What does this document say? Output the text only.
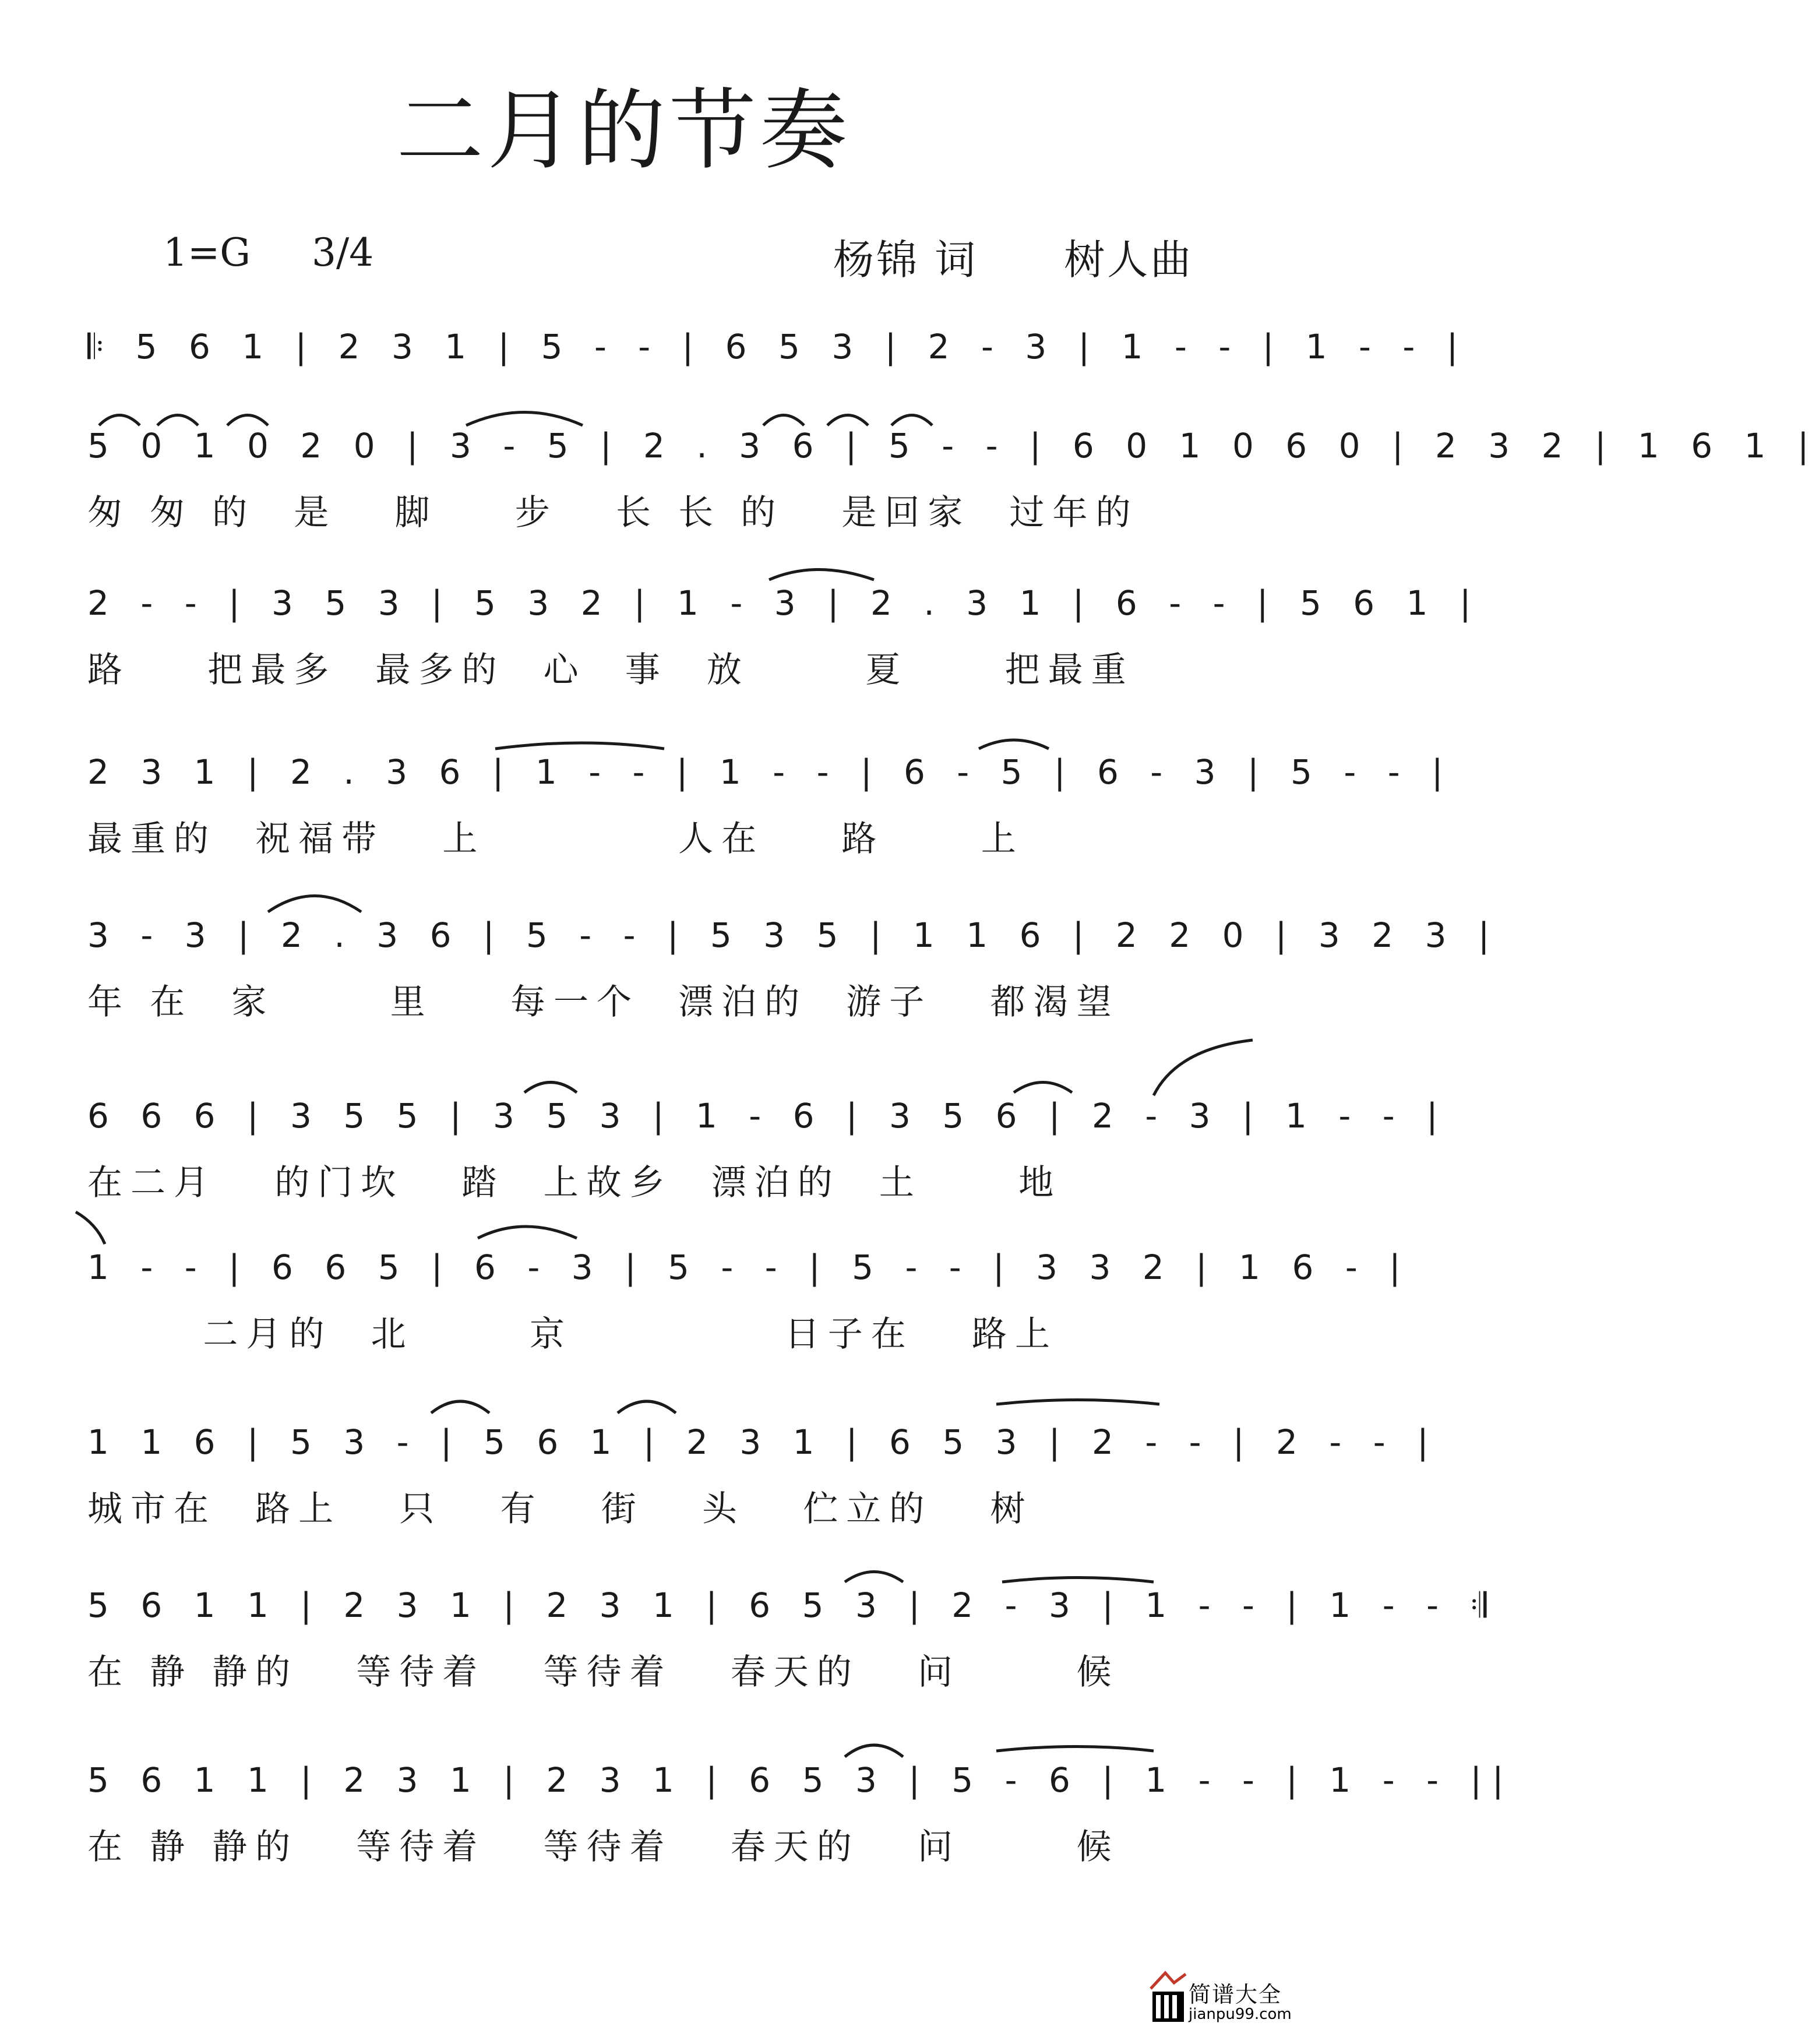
二月的节奏
1=G 3/4	杨锦 词　　树人曲
𝄆 5 6 1 | 2 3 1 | 5 - - | 6 5 3 | 2 - 3 | 1 - - | 1 - - |
5 0 1 0 2 0 | 3 - 5 | 2 . 3 6 | 5 - - | 6 0 1 0 6 0 | 2 3 2 | 1 6 1 |
匆 匆 的  是   脚    步   长 长 的   是回家  过年的
2 - - | 3 5 3 | 5 3 2 | 1 - 3 | 2 . 3 1 | 6 - - | 5 6 1 |
路    把最多  最多的  心  事  放      夏     把最重
2 3 1 | 2 . 3 6 | 1 - - | 1 - - | 6 - 5 | 6 - 3 | 5 - - |
最重的  祝福带   上          人在    路     上
3 - 3 | 2 . 3 6 | 5 - - | 5 3 5 | 1 1 6 | 2 2 0 | 3 2 3 |
年 在  家      里    每一个  漂泊的  游子   都渴望
6 6 6 | 3 5 5 | 3 5 3 | 1 - 6 | 3 5 6 | 2 - 3 | 1 - - |
在二月   的门坎   踏  上故乡  漂泊的  土     地
1 - - | 6 6 5 | 6 - 3 | 5 - - | 5 - - | 3 3 2 | 1 6 - |
二月的  北      京           日子在   路上
1 1 6 | 5 3 - | 5 6 1 | 2 3 1 | 6 5 3 | 2 - - | 2 - - |
城市在  路上   只   有   街   头   伫立的   树
5 6 1 1 | 2 3 1 | 2 3 1 | 6 5 3 | 2 - 3 | 1 - - | 1 - - 𝄇
在 静 静的   等待着   等待着   春天的   问      候
5 6 1 1 | 2 3 1 | 2 3 1 | 6 5 3 | 5 - 6 | 1 - - | 1 - - ||
在 静 静的   等待着   等待着   春天的   问      候
简谱大全
jianpu99.com
